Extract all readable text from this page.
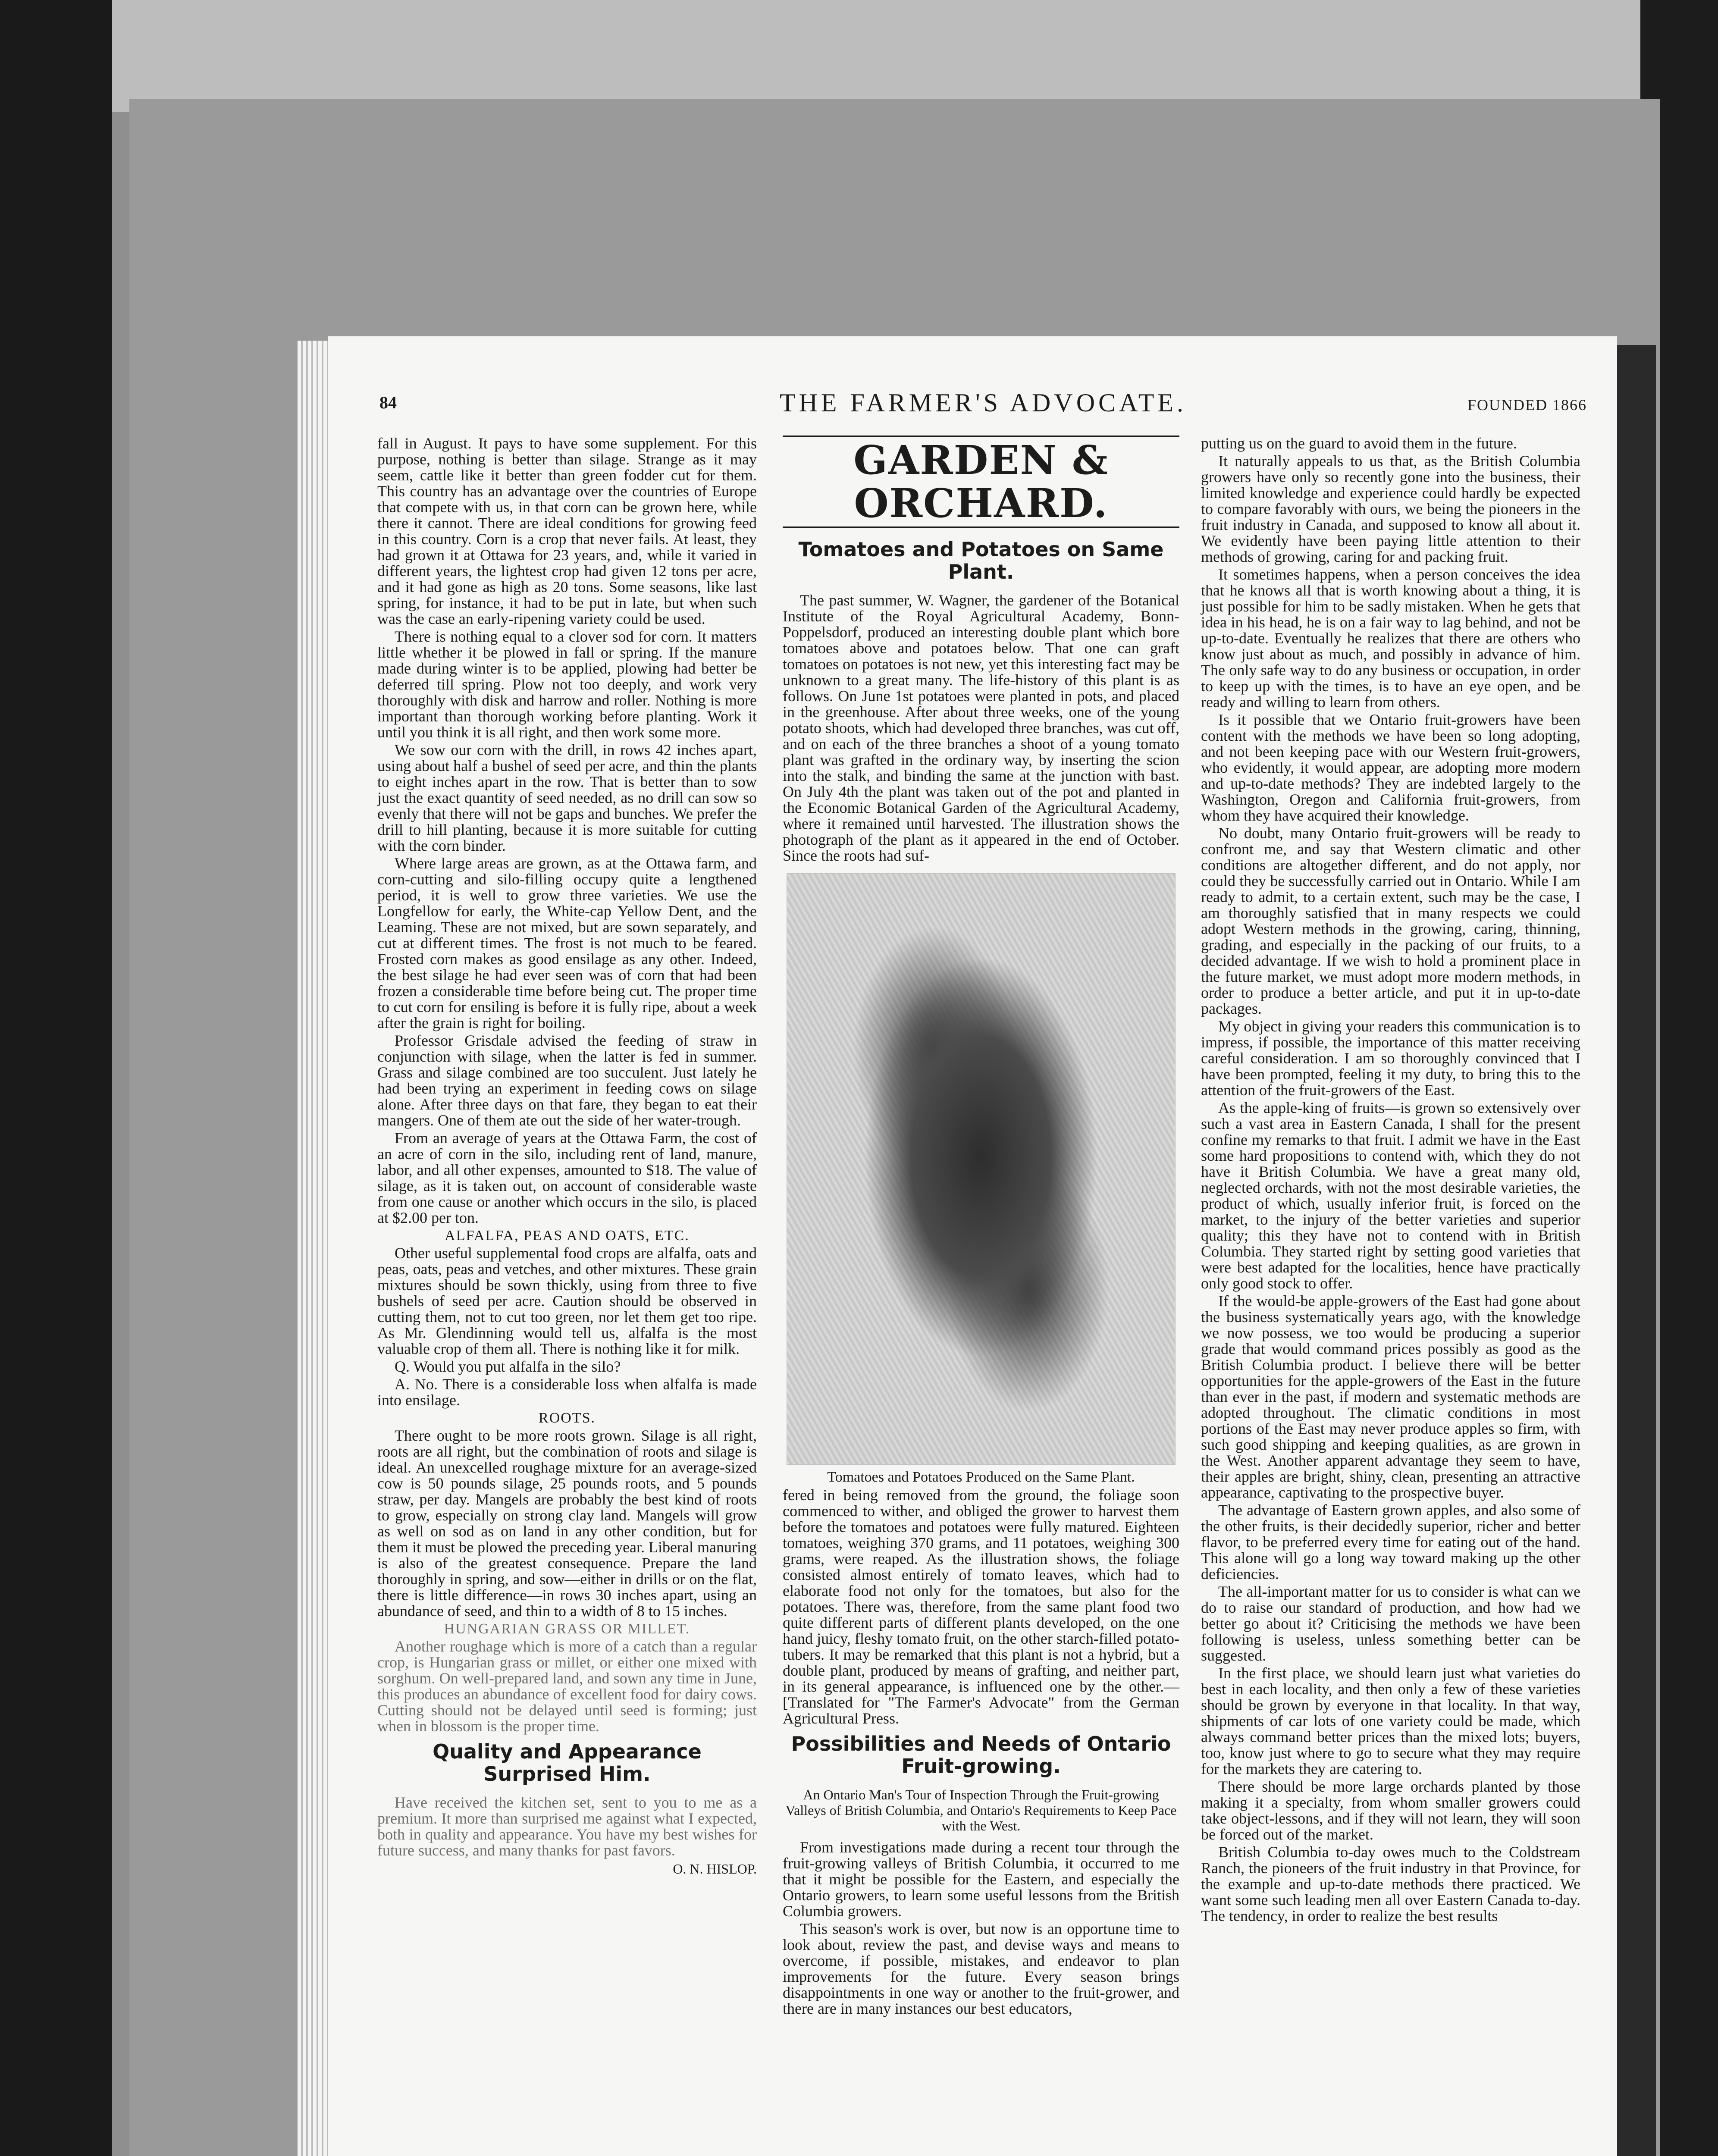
84	THE FARMER'S ADVOCATE.	FOUNDED 1866

fall in August. It pays to have some supplement. For this purpose, nothing is better than silage. Strange as it may seem, cattle like it better than green fodder cut for them. This country has an advantage over the countries of Europe that compete with us, in that corn can be grown here, while there it cannot. There are ideal conditions for growing feed in this country. Corn is a crop that never fails. At least, they had grown it at Ottawa for 23 years, and, while it varied in different years, the lightest crop had given 12 tons per acre, and it had gone as high as 20 tons. Some seasons, like last spring, for instance, it had to be put in late, but when such was the case an early-ripening variety could be used.

There is nothing equal to a clover sod for corn. It matters little whether it be plowed in fall or spring. If the manure made during winter is to be applied, plowing had better be deferred till spring. Plow not too deeply, and work very thoroughly with disk and harrow and roller. Nothing is more important than thorough working before planting. Work it until you think it is all right, and then work some more.

We sow our corn with the drill, in rows 42 inches apart, using about half a bushel of seed per acre, and thin the plants to eight inches apart in the row. That is better than to sow just the exact quantity of seed needed, as no drill can sow so evenly that there will not be gaps and bunches. We prefer the drill to hill planting, because it is more suitable for cutting with the corn binder.

Where large areas are grown, as at the Ottawa farm, and corn-cutting and silo-filling occupy quite a lengthened period, it is well to grow three varieties. We use the Longfellow for early, the White-cap Yellow Dent, and the Leaming. These are not mixed, but are sown separately, and cut at different times. The frost is not much to be feared. Frosted corn makes as good ensilage as any other. Indeed, the best silage he had ever seen was of corn that had been frozen a considerable time before being cut. The proper time to cut corn for ensiling is before it is fully ripe, about a week after the grain is right for boiling.

Professor Grisdale advised the feeding of straw in conjunction with silage, when the latter is fed in summer. Grass and silage combined are too succulent. Just lately he had been trying an experiment in feeding cows on silage alone. After three days on that fare, they began to eat their mangers. One of them ate out the side of her water-trough.

From an average of years at the Ottawa Farm, the cost of an acre of corn in the silo, including rent of land, manure, labor, and all other expenses, amounted to $18. The value of silage, as it is taken out, on account of considerable waste from one cause or another which occurs in the silo, is placed at $2.00 per ton.

ALFALFA, PEAS AND OATS, ETC.

Other useful supplemental food crops are alfalfa, oats and peas, oats, peas and vetches, and other mixtures. These grain mixtures should be sown thickly, using from three to five bushels of seed per acre. Caution should be observed in cutting them, not to cut too green, nor let them get too ripe. As Mr. Glendinning would tell us, alfalfa is the most valuable crop of them all. There is nothing like it for milk.

Q. Would you put alfalfa in the silo?

A. No. There is a considerable loss when alfalfa is made into ensilage.

ROOTS.

There ought to be more roots grown. Silage is all right, roots are all right, but the combination of roots and silage is ideal. An unexcelled roughage mixture for an average-sized cow is 50 pounds silage, 25 pounds roots, and 5 pounds straw, per day. Mangels are probably the best kind of roots to grow, especially on strong clay land. Mangels will grow as well on sod as on land in any other condition, but for them it must be plowed the preceding year. Liberal manuring is also of the greatest consequence. Prepare the land thoroughly in spring, and sow—either in drills or on the flat, there is little difference—in rows 30 inches apart, using an abundance of seed, and thin to a width of 8 to 15 inches.

HUNGARIAN GRASS OR MILLET.

Another roughage which is more of a catch than a regular crop, is Hungarian grass or millet, or either one mixed with sorghum. On well-prepared land, and sown any time in June, this produces an abundance of excellent food for dairy cows. Cutting should not be delayed until seed is forming; just when in blossom is the proper time.

Quality and Appearance Surprised Him.

Have received the kitchen set, sent to you to me as a premium. It more than surprised me against what I expected, both in quality and appearance. You have my best wishes for future success, and many thanks for past favors.

O. N. HISLOP.
GARDEN & ORCHARD.
Tomatoes and Potatoes on Same Plant.

The past summer, W. Wagner, the gardener of the Botanical Institute of the Royal Agricultural Academy, Bonn-Poppelsdorf, produced an interesting double plant which bore tomatoes above and potatoes below. That one can graft tomatoes on potatoes is not new, yet this interesting fact may be unknown to a great many. The life-history of this plant is as follows. On June 1st potatoes were planted in pots, and placed in the greenhouse. After about three weeks, one of the young potato shoots, which had developed three branches, was cut off, and on each of the three branches a shoot of a young tomato plant was grafted in the ordinary way, by inserting the scion into the stalk, and binding the same at the junction with bast. On July 4th the plant was taken out of the pot and planted in the Economic Botanical Garden of the Agricultural Academy, where it remained until harvested. The illustration shows the photograph of the plant as it appeared in the end of October. Since the roots had suf-

Tomatoes and Potatoes Produced on the Same Plant.

fered in being removed from the ground, the foliage soon commenced to wither, and obliged the grower to harvest them before the tomatoes and potatoes were fully matured. Eighteen tomatoes, weighing 370 grams, and 11 potatoes, weighing 300 grams, were reaped. As the illustration shows, the foliage consisted almost entirely of tomato leaves, which had to elaborate food not only for the tomatoes, but also for the potatoes. There was, therefore, from the same plant food two quite different parts of different plants developed, on the one hand juicy, fleshy tomato fruit, on the other starch-filled potato-tubers. It may be remarked that this plant is not a hybrid, but a double plant, produced by means of grafting, and neither part, in its general appearance, is influenced one by the other.—[Translated for "The Farmer's Advocate" from the German Agricultural Press.

Possibilities and Needs of Ontario Fruit-growing.
An Ontario Man's Tour of Inspection Through the Fruit-growing Valleys of British Columbia, and Ontario's Requirements to Keep Pace with the West.

From investigations made during a recent tour through the fruit-growing valleys of British Columbia, it occurred to me that it might be possible for the Eastern, and especially the Ontario growers, to learn some useful lessons from the British Columbia growers.

This season's work is over, but now is an opportune time to look about, review the past, and devise ways and means to overcome, if possible, mistakes, and endeavor to plan improvements for the future. Every season brings disappointments in one way or another to the fruit-grower, and there are in many instances our best educators,

putting us on the guard to avoid them in the future.

It naturally appeals to us that, as the British Columbia growers have only so recently gone into the business, their limited knowledge and experience could hardly be expected to compare favorably with ours, we being the pioneers in the fruit industry in Canada, and supposed to know all about it. We evidently have been paying little attention to their methods of growing, caring for and packing fruit.

It sometimes happens, when a person conceives the idea that he knows all that is worth knowing about a thing, it is just possible for him to be sadly mistaken. When he gets that idea in his head, he is on a fair way to lag behind, and not be up-to-date. Eventually he realizes that there are others who know just about as much, and possibly in advance of him. The only safe way to do any business or occupation, in order to keep up with the times, is to have an eye open, and be ready and willing to learn from others.

Is it possible that we Ontario fruit-growers have been content with the methods we have been so long adopting, and not been keeping pace with our Western fruit-growers, who evidently, it would appear, are adopting more modern and up-to-date methods? They are indebted largely to the Washington, Oregon and California fruit-growers, from whom they have acquired their knowledge.

No doubt, many Ontario fruit-growers will be ready to confront me, and say that Western climatic and other conditions are altogether different, and do not apply, nor could they be successfully carried out in Ontario. While I am ready to admit, to a certain extent, such may be the case, I am thoroughly satisfied that in many respects we could adopt Western methods in the growing, caring, thinning, grading, and especially in the packing of our fruits, to a decided advantage. If we wish to hold a prominent place in the future market, we must adopt more modern methods, in order to produce a better article, and put it in up-to-date packages.

My object in giving your readers this communication is to impress, if possible, the importance of this matter receiving careful consideration. I am so thoroughly convinced that I have been prompted, feeling it my duty, to bring this to the attention of the fruit-growers of the East.

As the apple-king of fruits—is grown so extensively over such a vast area in Eastern Canada, I shall for the present confine my remarks to that fruit. I admit we have in the East some hard propositions to contend with, which they do not have it British Columbia. We have a great many old, neglected orchards, with not the most desirable varieties, the product of which, usually inferior fruit, is forced on the market, to the injury of the better varieties and superior quality; this they have not to contend with in British Columbia. They started right by setting good varieties that were best adapted for the localities, hence have practically only good stock to offer.

If the would-be apple-growers of the East had gone about the business systematically years ago, with the knowledge we now possess, we too would be producing a superior grade that would command prices possibly as good as the British Columbia product. I believe there will be better opportunities for the apple-growers of the East in the future than ever in the past, if modern and systematic methods are adopted throughout. The climatic conditions in most portions of the East may never produce apples so firm, with such good shipping and keeping qualities, as are grown in the West. Another apparent advantage they seem to have, their apples are bright, shiny, clean, presenting an attractive appearance, captivating to the prospective buyer.

The advantage of Eastern grown apples, and also some of the other fruits, is their decidedly superior, richer and better flavor, to be preferred every time for eating out of the hand. This alone will go a long way toward making up the other deficiencies.

The all-important matter for us to consider is what can we do to raise our standard of production, and how had we better go about it? Criticising the methods we have been following is useless, unless something better can be suggested.

In the first place, we should learn just what varieties do best in each locality, and then only a few of these varieties should be grown by everyone in that locality. In that way, shipments of car lots of one variety could be made, which always command better prices than the mixed lots; buyers, too, know just where to go to secure what they may require for the markets they are catering to.

There should be more large orchards planted by those making it a specialty, from whom smaller growers could take object-lessons, and if they will not learn, they will soon be forced out of the market.

British Columbia to-day owes much to the Coldstream Ranch, the pioneers of the fruit industry in that Province, for the example and up-to-date methods there practiced. We want some such leading men all over Eastern Canada to-day. The tendency, in order to realize the best results
